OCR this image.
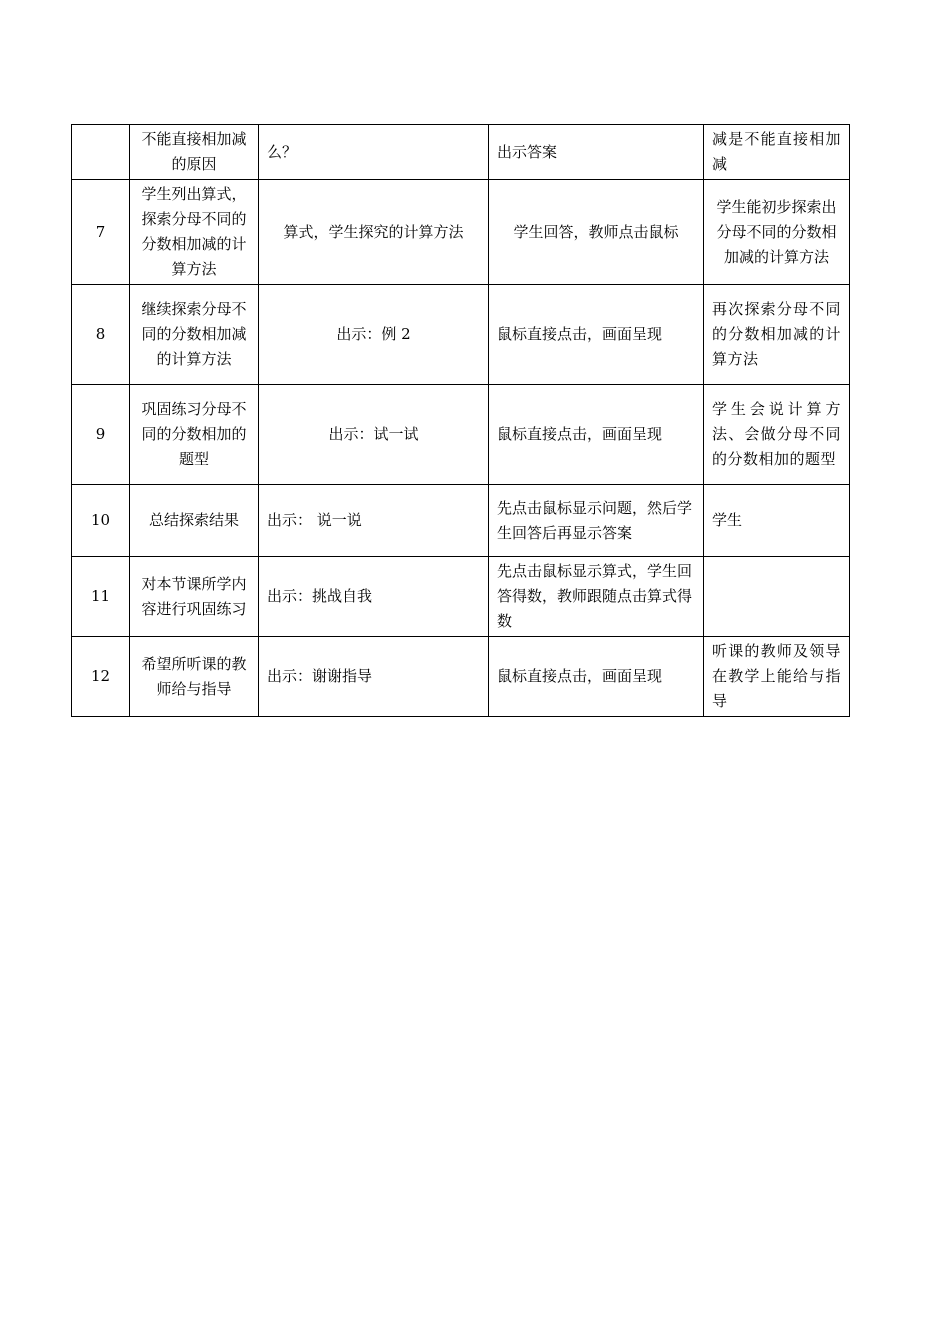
	不能直接相加减的原因	么？	出示答案	减是不能直接相加减
7	学生列出算式，探索分母不同的分数相加减的计算方法	算式，学生探究的计算方法	学生回答，教师点击鼠标	学生能初步探索出分母不同的分数相加减的计算方法
8	继续探索分母不同的分数相加减的计算方法	出示：例 2	鼠标直接点击，画面呈现	再次探索分母不同的分数相加减的计算方法
9	巩固练习分母不同的分数相加的题型	出示：试一试	鼠标直接点击，画面呈现	学生会说计算方法、会做分母不同的分数相加的题型
10	总结探索结果	出示： 说一说	先点击鼠标显示问题，然后学生回答后再显示答案	学生
11	对本节课所学内容进行巩固练习	出示：挑战自我	先点击鼠标显示算式，学生回答得数，教师跟随点击算式得数	
12	希望所听课的教师给与指导	出示：谢谢指导	鼠标直接点击，画面呈现	听课的教师及领导在教学上能给与指导
